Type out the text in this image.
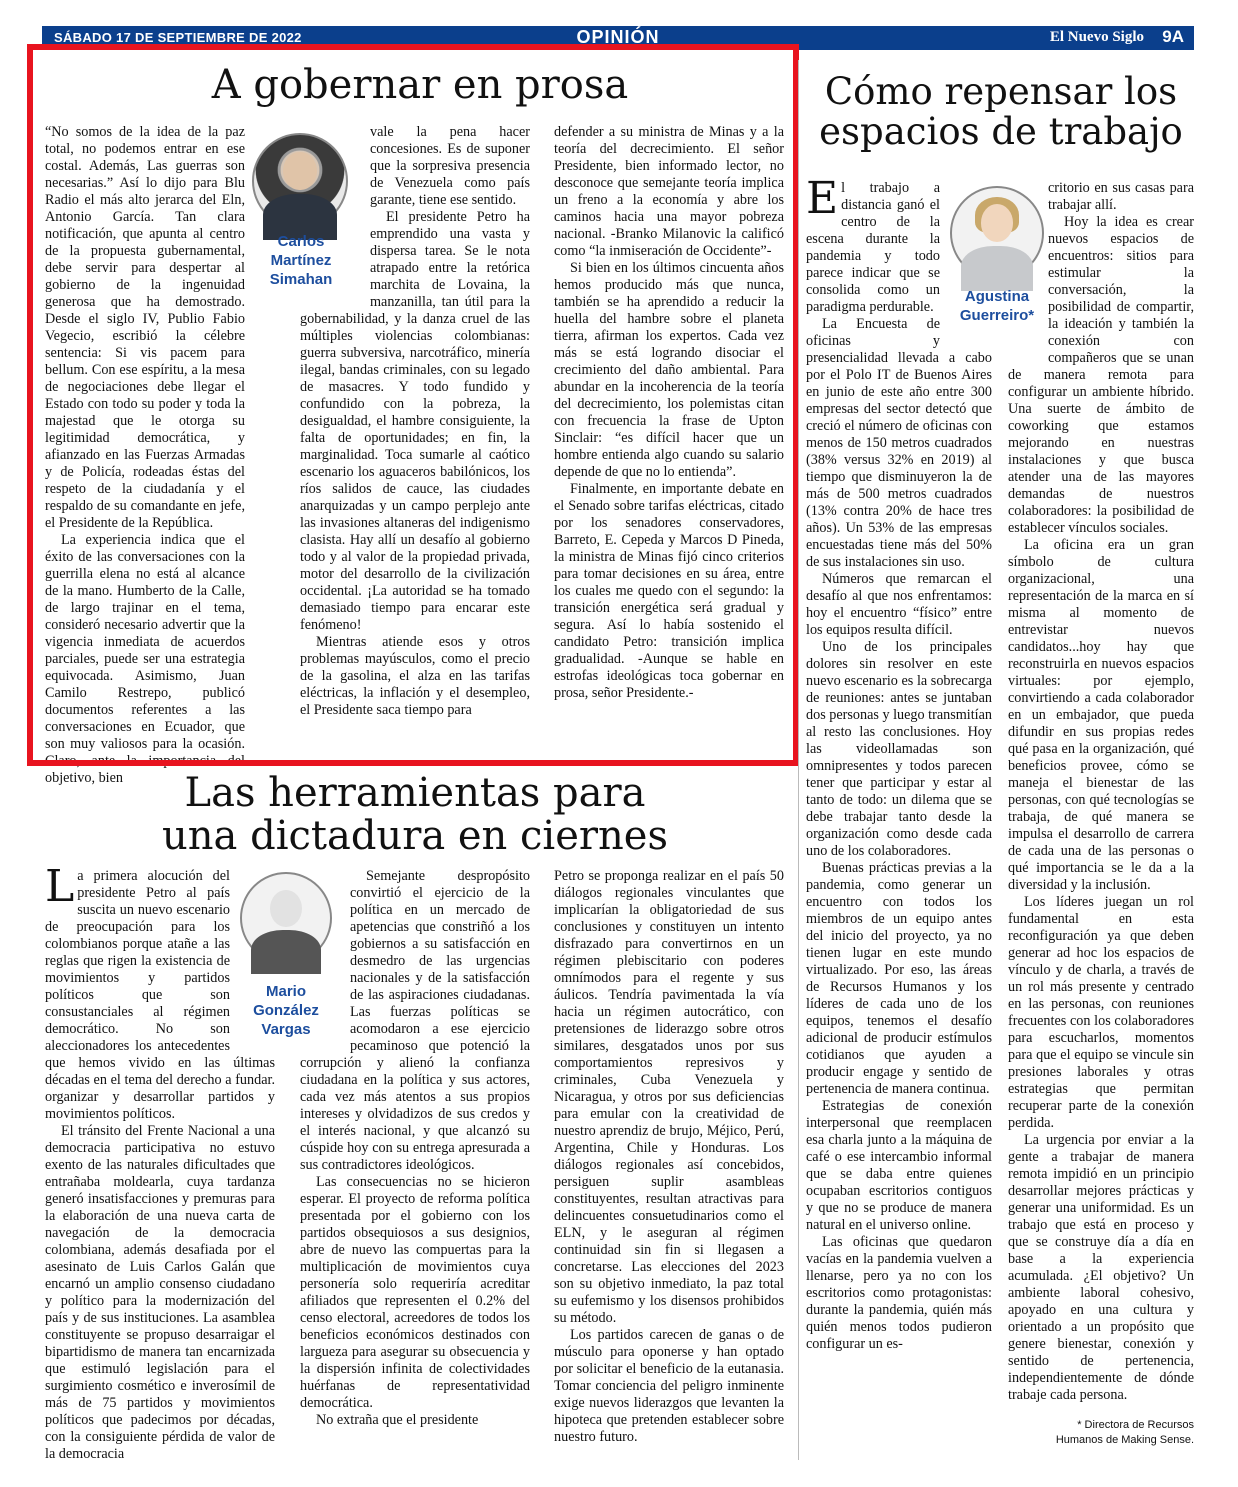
SÁBADO 17 DE SEPTIEMBRE DE 2022	OPINIÓN	El Nuevo Siglo 9A
A gobernar en prosa
Carlos Martínez Simahan

“No somos de la idea de la paz total, no podemos entrar en ese costal. Además, Las guerras son necesarias.” Así lo dijo para Blu Radio el más alto jerarca del Eln, Antonio García. Tan clara notificación, que apunta al centro de la propuesta gubernamental, debe servir para despertar al gobierno de la ingenuidad generosa que ha demostrado. Desde el siglo IV, Publio Fabio Vegecio, escribió la célebre sentencia: Si vis pacem para bellum. Con ese espíritu, a la mesa de negociaciones debe llegar el Estado con todo su poder y toda la majestad que le otorga su legitimidad democrática, y afianzado en las Fuerzas Armadas y de Policía, rodeadas éstas del respeto de la ciudadanía y el respaldo de su comandante en jefe, el Presidente de la República.

La experiencia indica que el éxito de las conversaciones con la guerrilla elena no está al alcance de la mano. Humberto de la Calle, de largo trajinar en el tema, consideró necesario advertir que la vigencia inmediata de acuerdos parciales, puede ser una estrategia equivocada. Asimismo, Juan Camilo Restrepo, publicó documentos referentes a las conversaciones en Ecuador, que son muy valiosos para la ocasión. Claro, ante la importancia del objetivo, bien

vale la pena hacer concesiones. Es de suponer que la sorpresiva presencia de Venezuela como país garante, tiene ese sentido.

El presidente Petro ha emprendido una vasta y dispersa tarea. Se le nota atrapado entre la retórica marchita de Lovaina, la manzanilla, tan útil para la gobernabilidad, y la danza cruel de las múltiples violencias colombianas: guerra subversiva, narcotráfico, minería ilegal, bandas criminales, con su legado de masacres. Y todo fundido y confundido con la pobreza, la desigualdad, el hambre consiguiente, la falta de oportunidades; en fin, la marginalidad. Toca sumarle al caótico escenario los aguaceros babilónicos, los ríos salidos de cauce, las ciudades anarquizadas y un campo perplejo ante las invasiones altaneras del indigenismo clasista. Hay allí un desafío al gobierno todo y al valor de la propiedad privada, motor del desarrollo de la civilización occidental. ¡La autoridad se ha tomado demasiado tiempo para encarar este fenómeno!

Mientras atiende esos y otros problemas mayúsculos, como el precio de la gasolina, el alza en las tarifas eléctricas, la inflación y el desempleo, el Presidente saca tiempo para

defender a su ministra de Minas y a la teoría del decrecimiento. El señor Presidente, bien informado lector, no desconoce que semejante teoría implica un freno a la economía y abre los caminos hacia una mayor pobreza nacional. -Branko Milanovic la calificó como “la inmiseración de Occidente”-

Si bien en los últimos cincuenta años hemos producido más que nunca, también se ha aprendido a reducir la huella del hambre sobre el planeta tierra, afirman los expertos. Cada vez más se está logrando disociar el crecimiento del daño ambiental. Para abundar en la incoherencia de la teoría del decrecimiento, los polemistas citan con frecuencia la frase de Upton Sinclair: “es difícil hacer que un hombre entienda algo cuando su salario depende de que no lo entienda”.

Finalmente, en importante debate en el Senado sobre tarifas eléctricas, citado por los senadores conservadores, Barreto, E. Cepeda y Marcos D Pineda, la ministra de Minas fijó cinco criterios para tomar decisiones en su área, entre los cuales me quedo con el segundo: la transición energética será gradual y segura. Así lo había sostenido el candidato Petro: transición implica gradualidad. -Aunque se hable en estrofas ideológicas toca gobernar en prosa, señor Presidente.-

Las herramientas para
una dictadura en ciernes
Mario González Vargas

La primera alocución del presidente Petro al país suscita un nuevo escenario de preocupación para los colombianos porque atañe a las reglas que rigen la existencia de movimientos y partidos políticos que son consustanciales al régimen democrático. No son aleccionadores los antecedentes que hemos vivido en las últimas décadas en el tema del derecho a fundar. organizar y desarrollar partidos y movimientos políticos.

El tránsito del Frente Nacional a una democracia participativa no estuvo exento de las naturales dificultades que entrañaba moldearla, cuya tardanza generó insatisfacciones y premuras para la elaboración de una nueva carta de navegación de la democracia colombiana, además desafiada por el asesinato de Luis Carlos Galán que encarnó un amplio consenso ciudadano y político para la modernización del país y de sus instituciones. La asamblea constituyente se propuso desarraigar el bipartidismo de manera tan encarnizada que estimuló legislación para el surgimiento cosmético e inverosímil de más de 75 partidos y movimientos políticos que padecimos por décadas, con la consiguiente pérdida de valor de la democracia

Semejante despropósito convirtió el ejercicio de la política en un mercado de apetencias que constriñó a los gobiernos a su satisfacción en desmedro de las urgencias nacionales y de la satisfacción de las aspiraciones ciudadanas. Las fuerzas políticas se acomodaron a ese ejercicio pecaminoso que potenció la corrupción y alienó la confianza ciudadana en la política y sus actores, cada vez más atentos a sus propios intereses y olvidadizos de sus credos y el interés nacional, y que alcanzó su cúspide hoy con su entrega apresurada a sus contradictores ideológicos.

Las consecuencias no se hicieron esperar. El proyecto de reforma política presentada por el gobierno con los partidos obsequiosos a sus designios, abre de nuevo las compuertas para la multiplicación de movimientos cuya personería solo requeriría acreditar afiliados que representen el 0.2% del censo electoral, acreedores de todos los beneficios económicos destinados con largueza para asegurar su obsecuencia y la dispersión infinita de colectividades huérfanas de representatividad democrática.

No extraña que el presidente

Petro se proponga realizar en el país 50 diálogos regionales vinculantes que implicarían la obligatoriedad de sus conclusiones y constituyen un intento disfrazado para convertirnos en un régimen plebiscitario con poderes omnímodos para el regente y sus áulicos. Tendría pavimentada la vía hacia un régimen autocrático, con pretensiones de liderazgo sobre otros similares, desgatados unos por sus comportamientos represivos y criminales, Cuba Venezuela y Nicaragua, y otros por sus deficiencias para emular con la creatividad de nuestro aprendiz de brujo, Méjico, Perú, Argentina, Chile y Honduras. Los diálogos regionales así concebidos, persiguen suplir asambleas constituyentes, resultan atractivas para delincuentes consuetudinarios como el ELN, y le aseguran al régimen continuidad sin fin si llegasen a concretarse. Las elecciones del 2023 son su objetivo inmediato, la paz total su eufemismo y los disensos prohibidos su método.

Los partidos carecen de ganas o de músculo para oponerse y han optado por solicitar el beneficio de la eutanasia. Tomar conciencia del peligro inminente exige nuevos liderazgos que levanten la hipoteca que pretenden establecer sobre nuestro futuro.

Cómo repensar los
espacios de trabajo
Agustina Guerreiro*

El trabajo a distancia ganó el centro de la escena durante la pandemia y todo parece indicar que se consolida como un paradigma perdurable.

La Encuesta de oficinas y presencialidad llevada a cabo por el Polo IT de Buenos Aires en junio de este año entre 300 empresas del sector detectó que creció el número de oficinas con menos de 150 metros cuadrados (38% versus 32% en 2019) al tiempo que disminuyeron la de más de 500 metros cuadrados (13% contra 20% de hace tres años). Un 53% de las empresas encuestadas tiene más del 50% de sus instalaciones sin uso.

Números que remarcan el desafío al que nos enfrentamos: hoy el encuentro “físico” entre los equipos resulta difícil.

Uno de los principales dolores sin resolver en este nuevo escenario es la sobrecarga de reuniones: antes se juntaban dos personas y luego transmitían al resto las conclusiones. Hoy las videollamadas son omnipresentes y todos parecen tener que participar y estar al tanto de todo: un dilema que se debe trabajar tanto desde la organización como desde cada uno de los colaboradores.

Buenas prácticas previas a la pandemia, como generar un encuentro con todos los miembros de un equipo antes del inicio del proyecto, ya no tienen lugar en este mundo virtualizado. Por eso, las áreas de Recursos Humanos y los líderes de cada uno de los equipos, tenemos el desafío adicional de producir estímulos cotidianos que ayuden a producir engage y sentido de pertenencia de manera continua.

Estrategias de conexión interpersonal que reemplacen esa charla junto a la máquina de café o ese intercambio informal que se daba entre quienes ocupaban escritorios contiguos y que no se produce de manera natural en el universo online.

Las oficinas que quedaron vacías en la pandemia vuelven a llenarse, pero ya no con los escritorios como protagonistas: durante la pandemia, quién más quién menos todos pudieron configurar un es-

critorio en sus casas para trabajar allí.

Hoy la idea es crear nuevos espacios de encuentros: sitios para estimular la conversación, la posibilidad de compartir, la ideación y también la conexión con compañeros que se unan de manera remota para configurar un ambiente híbrido. Una suerte de ámbito de coworking que estamos mejorando en nuestras instalaciones y que busca atender una de las mayores demandas de nuestros colaboradores: la posibilidad de establecer vínculos sociales.

La oficina era un gran símbolo de cultura organizacional, una representación de la marca en sí misma al momento de entrevistar nuevos candidatos...hoy hay que reconstruirla en nuevos espacios virtuales: por ejemplo, convirtiendo a cada colaborador en un embajador, que pueda difundir en sus propias redes qué pasa en la organización, qué beneficios provee, cómo se maneja el bienestar de las personas, con qué tecnologías se trabaja, de qué manera se impulsa el desarrollo de carrera de cada una de las personas o qué importancia se le da a la diversidad y la inclusión.

Los líderes juegan un rol fundamental en esta reconfiguración ya que deben generar ad hoc los espacios de vínculo y de charla, a través de un rol más presente y centrado en las personas, con reuniones frecuentes con los colaboradores para escucharlos, momentos para que el equipo se vincule sin presiones laborales y otras estrategias que permitan recuperar parte de la conexión perdida.

La urgencia por enviar a la gente a trabajar de manera remota impidió en un principio desarrollar mejores prácticas y generar una uniformidad. Es un trabajo que está en proceso y que se construye día a día en base a la experiencia acumulada. ¿El objetivo? Un ambiente laboral cohesivo, apoyado en una cultura y orientado a un propósito que genere bienestar, conexión y sentido de pertenencia, independientemente de dónde trabaje cada persona.

* Directora de Recursos
Humanos de Making Sense.
